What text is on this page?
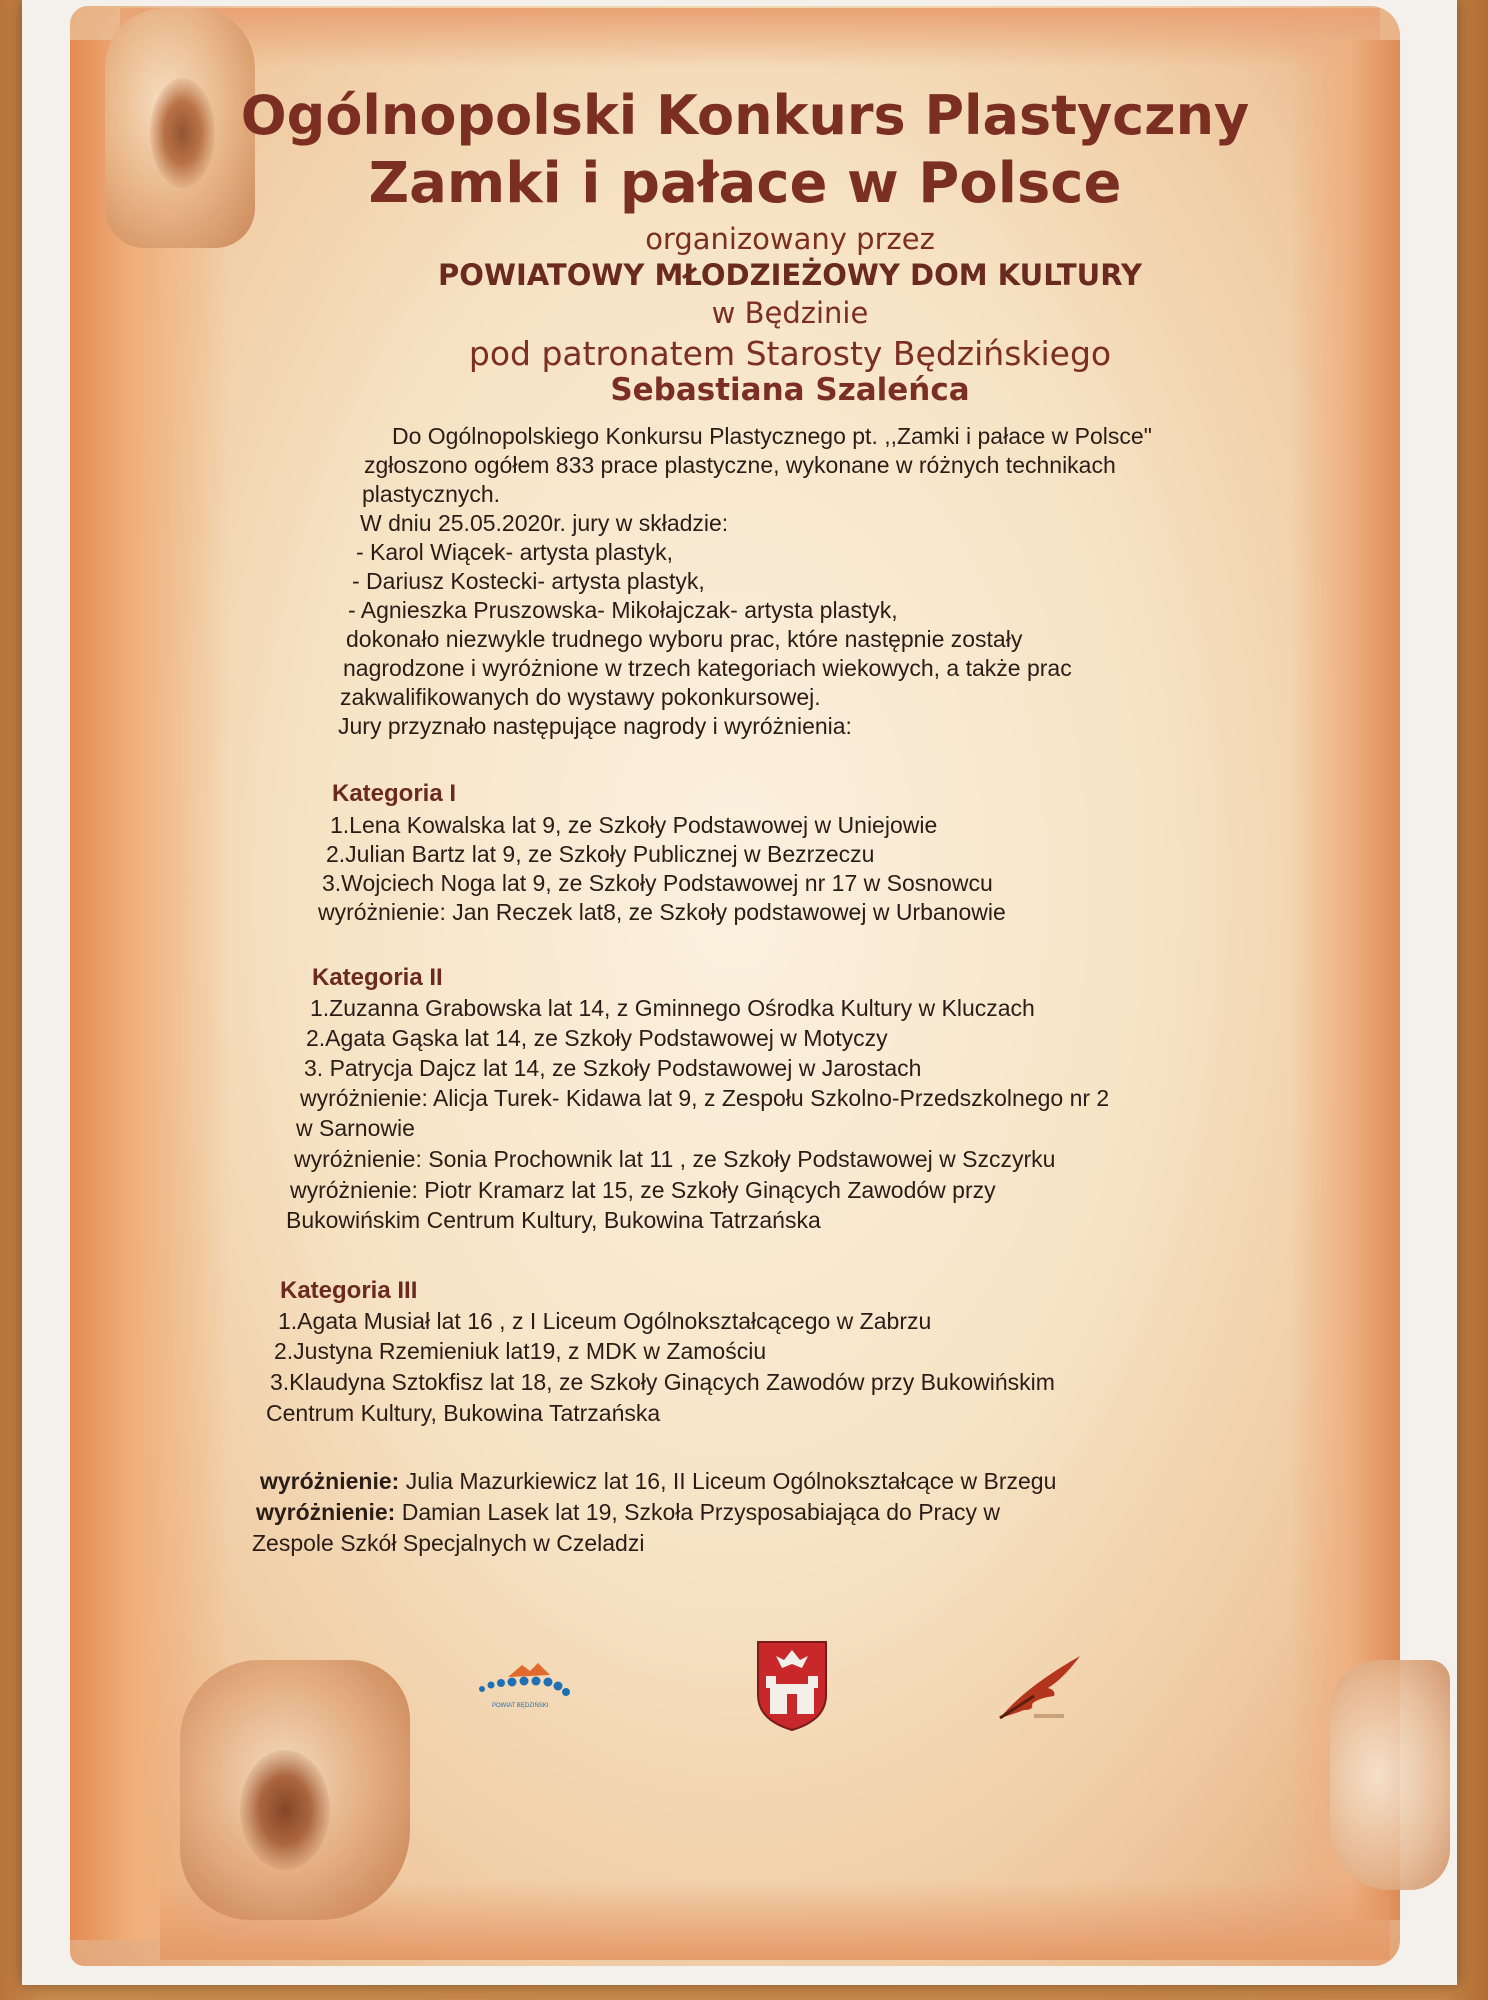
Ogólnopolski Konkurs Plastyczny
Zamki i pałace w Polsce
organizowany przez
POWIATOWY MŁODZIEŻOWY DOM KULTURY
w Będzinie
pod patronatem Starosty Będzińskiego
Sebastiana Szaleńca
Do Ogólnopolskiego Konkursu Plastycznego pt. ,,Zamki i pałace w Polsce"
zgłoszono ogółem 833 prace plastyczne, wykonane w różnych technikach
plastycznych.
W dniu 25.05.2020r. jury w składzie:
- Karol Wiącek- artysta plastyk,
- Dariusz Kostecki- artysta plastyk,
- Agnieszka Pruszowska- Mikołajczak- artysta plastyk,
dokonało niezwykle trudnego wyboru prac, które następnie zostały
nagrodzone i wyróżnione w trzech kategoriach wiekowych, a także prac
zakwalifikowanych do wystawy pokonkursowej.
Jury przyznało następujące nagrody i wyróżnienia:
Kategoria I
1.Lena Kowalska lat 9, ze Szkoły Podstawowej w Uniejowie
2.Julian Bartz lat 9, ze Szkoły Publicznej w Bezrzeczu
3.Wojciech Noga lat 9, ze Szkoły Podstawowej nr 17 w Sosnowcu
wyróżnienie: Jan Reczek lat8, ze Szkoły podstawowej w Urbanowie
Kategoria II
1.Zuzanna Grabowska lat 14, z Gminnego Ośrodka Kultury w Kluczach
2.Agata Gąska lat 14, ze Szkoły Podstawowej w Motyczy
3. Patrycja Dajcz lat 14, ze Szkoły Podstawowej w Jarostach
wyróżnienie: Alicja Turek- Kidawa lat 9, z Zespołu Szkolno-Przedszkolnego nr 2
w Sarnowie
wyróżnienie: Sonia Prochownik lat 11 , ze Szkoły Podstawowej w Szczyrku
wyróżnienie: Piotr Kramarz lat 15, ze Szkoły Ginących Zawodów przy
Bukowińskim Centrum Kultury, Bukowina Tatrzańska
Kategoria III
1.Agata Musiał lat 16 , z I Liceum Ogólnokształcącego w Zabrzu
2.Justyna Rzemieniuk lat19, z MDK w Zamościu
3.Klaudyna Sztokfisz lat 18, ze Szkoły Ginących Zawodów przy Bukowińskim
Centrum Kultury, Bukowina Tatrzańska
wyróżnienie: Julia Mazurkiewicz lat 16, II Liceum Ogólnokształcące w Brzegu
wyróżnienie: Damian Lasek lat 19, Szkoła Przysposabiająca do Pracy w
Zespole Szkół Specjalnych w Czeladzi
POWIAT BĘDZIŃSKI
